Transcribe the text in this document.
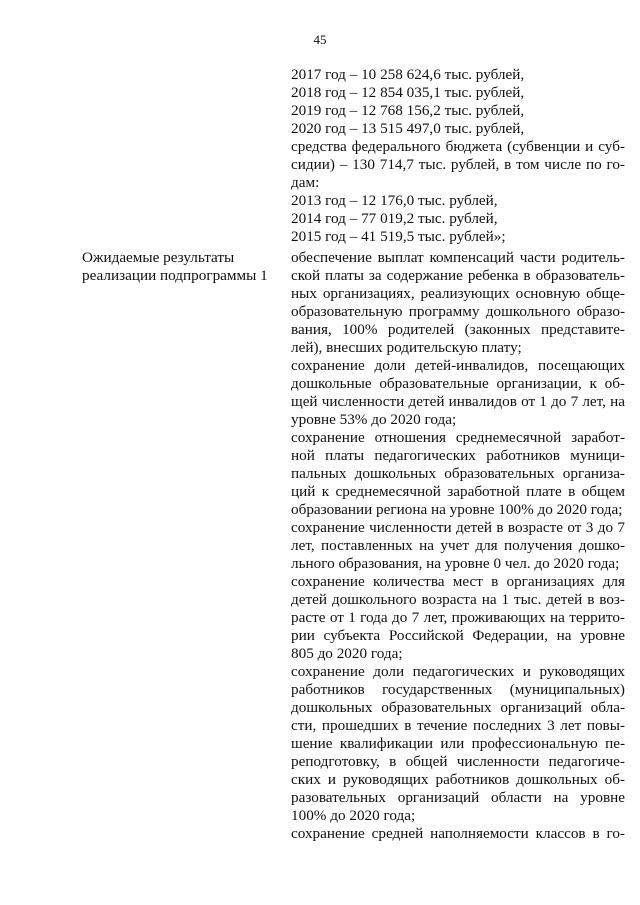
45
2017 год – 10 258 624,6 тыс. рублей,
2018 год – 12 854 035,1 тыс. рублей,
2019 год – 12 768 156,2 тыс. рублей,
2020 год – 13 515 497,0 тыс. рублей,
средства федерального бюджета (субвенции и суб-
сидии) – 130 714,7 тыс. рублей, в том числе по го-
дам:
2013 год – 12 176,0 тыс. рублей,
2014 год – 77 019,2 тыс. рублей,
2015 год – 41 519,5 тыс. рублей»;
Ожидаемые результаты
реализации подпрограммы 1
обеспечение выплат компенсаций части родитель-
ской платы за содержание ребенка в образователь-
ных организациях, реализующих основную обще-
образовательную программу дошкольного образо-
вания, 100% родителей (законных представите-
лей), внесших родительскую плату;
сохранение доли детей-инвалидов, посещающих
дошкольные образовательные организации, к об-
щей численности детей инвалидов от 1 до 7 лет, на
уровне 53% до 2020 года;
сохранение отношения среднемесячной заработ-
ной платы педагогических работников муници-
пальных дошкольных образовательных организа-
ций к среднемесячной заработной плате в общем
образовании региона на уровне 100% до 2020 года;
сохранение численности детей в возрасте от 3 до 7
лет, поставленных на учет для получения дошко-
льного образования, на уровне 0 чел. до 2020 года;
сохранение количества мест в организациях для
детей дошкольного возраста на 1 тыс. детей в воз-
расте от 1 года до 7 лет, проживающих на террито-
рии субъекта Российской Федерации, на уровне
805 до 2020 года;
сохранение доли педагогических и руководящих
работников государственных (муниципальных)
дошкольных образовательных организаций обла-
сти, прошедших в течение последних 3 лет повы-
шение квалификации или профессиональную пе-
реподготовку, в общей численности педагогиче-
ских и руководящих работников дошкольных об-
разовательных организаций области на уровне
100% до 2020 года;
сохранение средней наполняемости классов в го-
